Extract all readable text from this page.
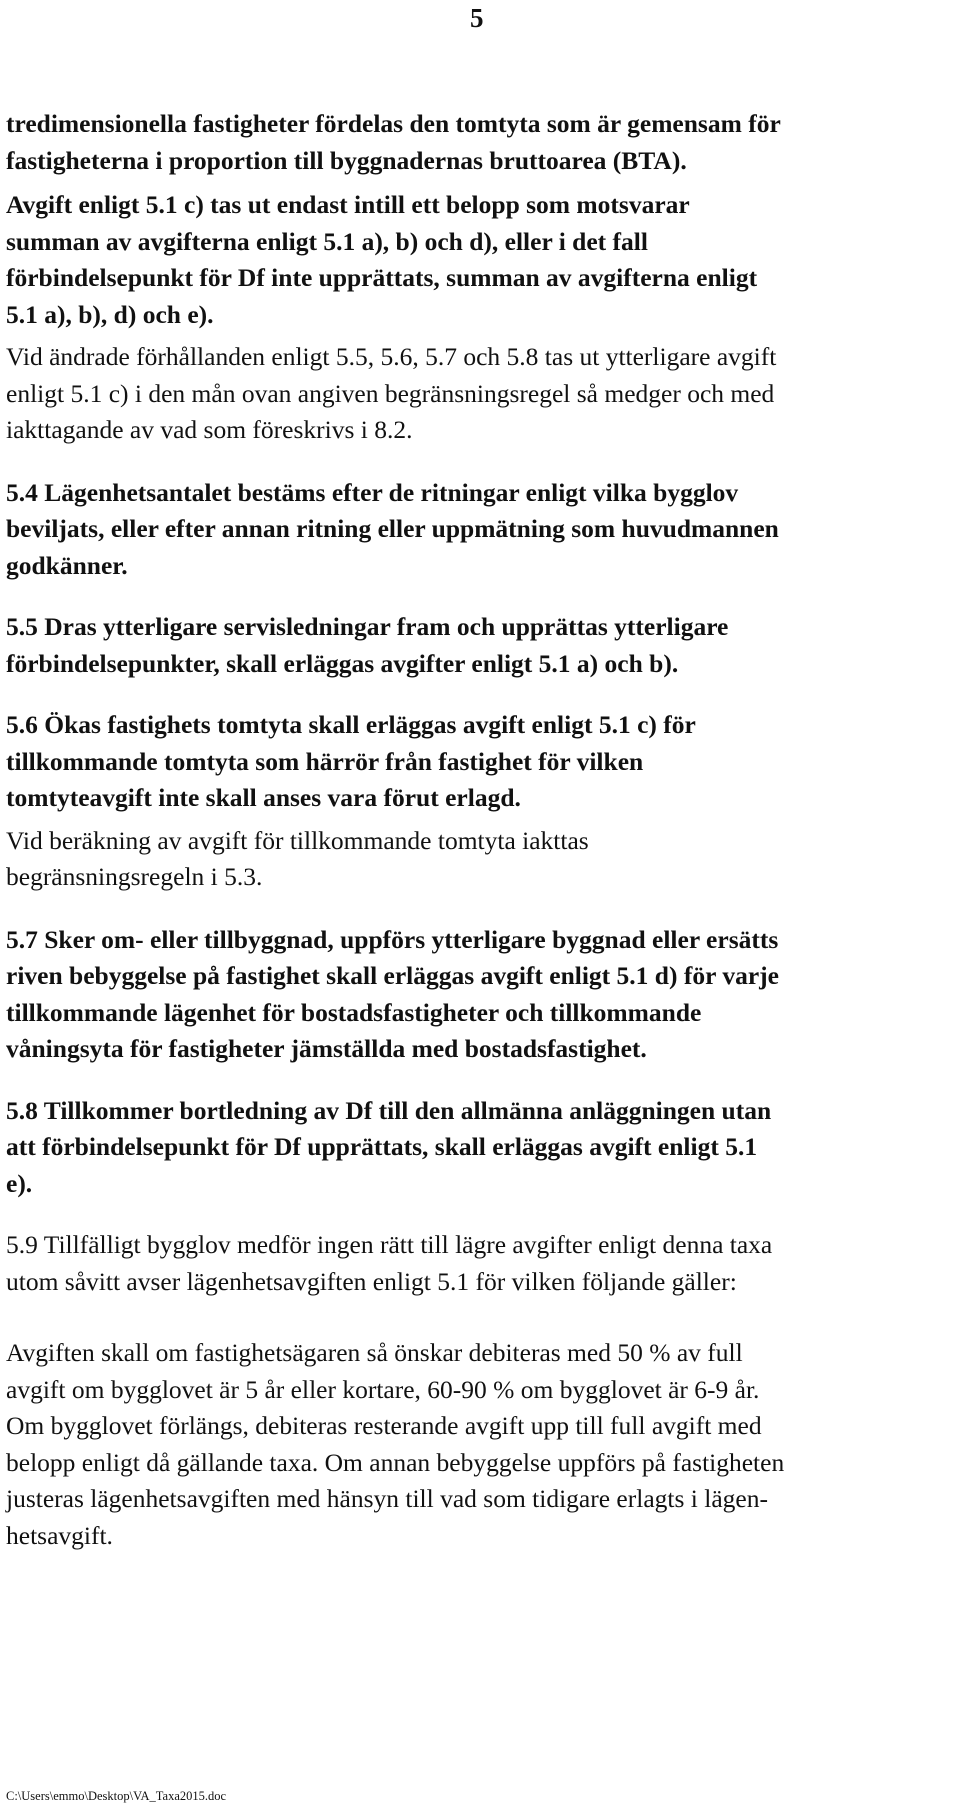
5

tredimensionella fastigheter fördelas den tomtyta som är gemensam för
fastigheterna i proportion till byggnadernas bruttoarea (BTA).

Avgift enligt 5.1 c) tas ut endast intill ett belopp som motsvarar
summan av avgifterna enligt 5.1 a), b) och d), eller i det fall
förbindelsepunkt för Df inte upprättats, summan av avgifterna enligt
5.1 a), b), d) och e).

Vid ändrade förhållanden enligt 5.5, 5.6, 5.7 och 5.8 tas ut ytterligare avgift
enligt 5.1 c) i den mån ovan angiven begränsningsregel så medger och med
iakttagande av vad som föreskrivs i 8.2.

5.4 Lägenhetsantalet bestäms efter de ritningar enligt vilka bygglov
beviljats, eller efter annan ritning eller uppmätning som huvudmannen
godkänner.

5.5 Dras ytterligare servisledningar fram och upprättas ytterligare
förbindelsepunkter, skall erläggas avgifter enligt 5.1 a) och b).

5.6 Ökas fastighets tomtyta skall erläggas avgift enligt 5.1 c) för
tillkommande tomtyta som härrör från fastighet för vilken
tomtyteavgift inte skall anses vara förut erlagd.

Vid beräkning av avgift för tillkommande tomtyta iakttas
begränsningsregeln i 5.3.

5.7 Sker om- eller tillbyggnad, uppförs ytterligare byggnad eller ersätts
riven bebyggelse på fastighet skall erläggas avgift enligt 5.1 d) för varje
tillkommande lägenhet för bostadsfastigheter och tillkommande
våningsyta för fastigheter jämställda med bostadsfastighet.

5.8 Tillkommer bortledning av Df till den allmänna anläggningen utan
att förbindelsepunkt för Df upprättats, skall erläggas avgift enligt 5.1
e).

5.9 Tillfälligt bygglov medför ingen rätt till lägre avgifter enligt denna taxa
utom såvitt avser lägenhetsavgiften enligt 5.1 för vilken följande gäller:

Avgiften skall om fastighetsägaren så önskar debiteras med 50 % av full
avgift om bygglovet är 5 år eller kortare, 60-90 % om bygglovet är 6-9 år.
Om bygglovet förlängs, debiteras resterande avgift upp till full avgift med
belopp enligt då gällande taxa. Om annan bebyggelse uppförs på fastigheten
justeras lägenhetsavgiften med hänsyn till vad som tidigare erlagts i lägen-
hetsavgift.

C:\Users\emmo\Desktop\VA_Taxa2015.doc
